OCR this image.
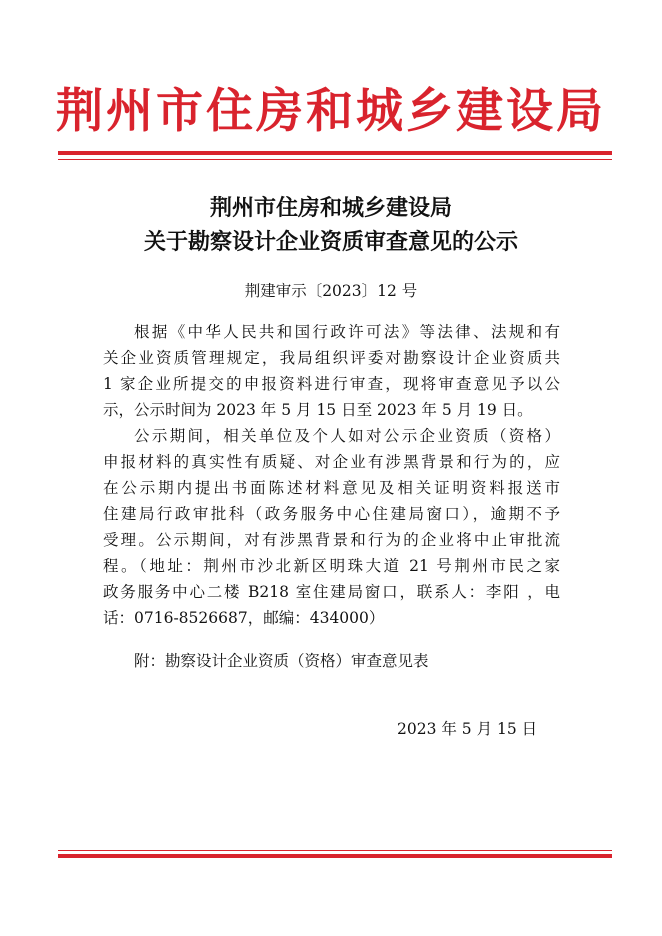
荆州市住房和城乡建设局
荆州市住房和城乡建设局
关于勘察设计企业资质审查意见的公示
荆建审示〔2023〕12 号
根据《中华人民共和国行政许可法》等法律、法规和有
关企业资质管理规定，我局组织评委对勘察设计企业资质共
1 家企业所提交的申报资料进行审查，现将审查意见予以公
示，公示时间为 2023 年 5 月 15 日至 2023 年 5 月 19 日。
公示期间，相关单位及个人如对公示企业资质（资格）
申报材料的真实性有质疑、对企业有涉黑背景和行为的，应
在公示期内提出书面陈述材料意见及相关证明资料报送市
住建局行政审批科（政务服务中心住建局窗口），逾期不予
受理。公示期间，对有涉黑背景和行为的企业将中止审批流
程。（地址：荆州市沙北新区明珠大道 21 号荆州市民之家
政务服务中心二楼 B218 室住建局窗口，联系人：李阳 ，电
话：0716-8526687，邮编：434000）
附：勘察设计企业资质（资格）审查意见表
2023 年 5 月 15 日
